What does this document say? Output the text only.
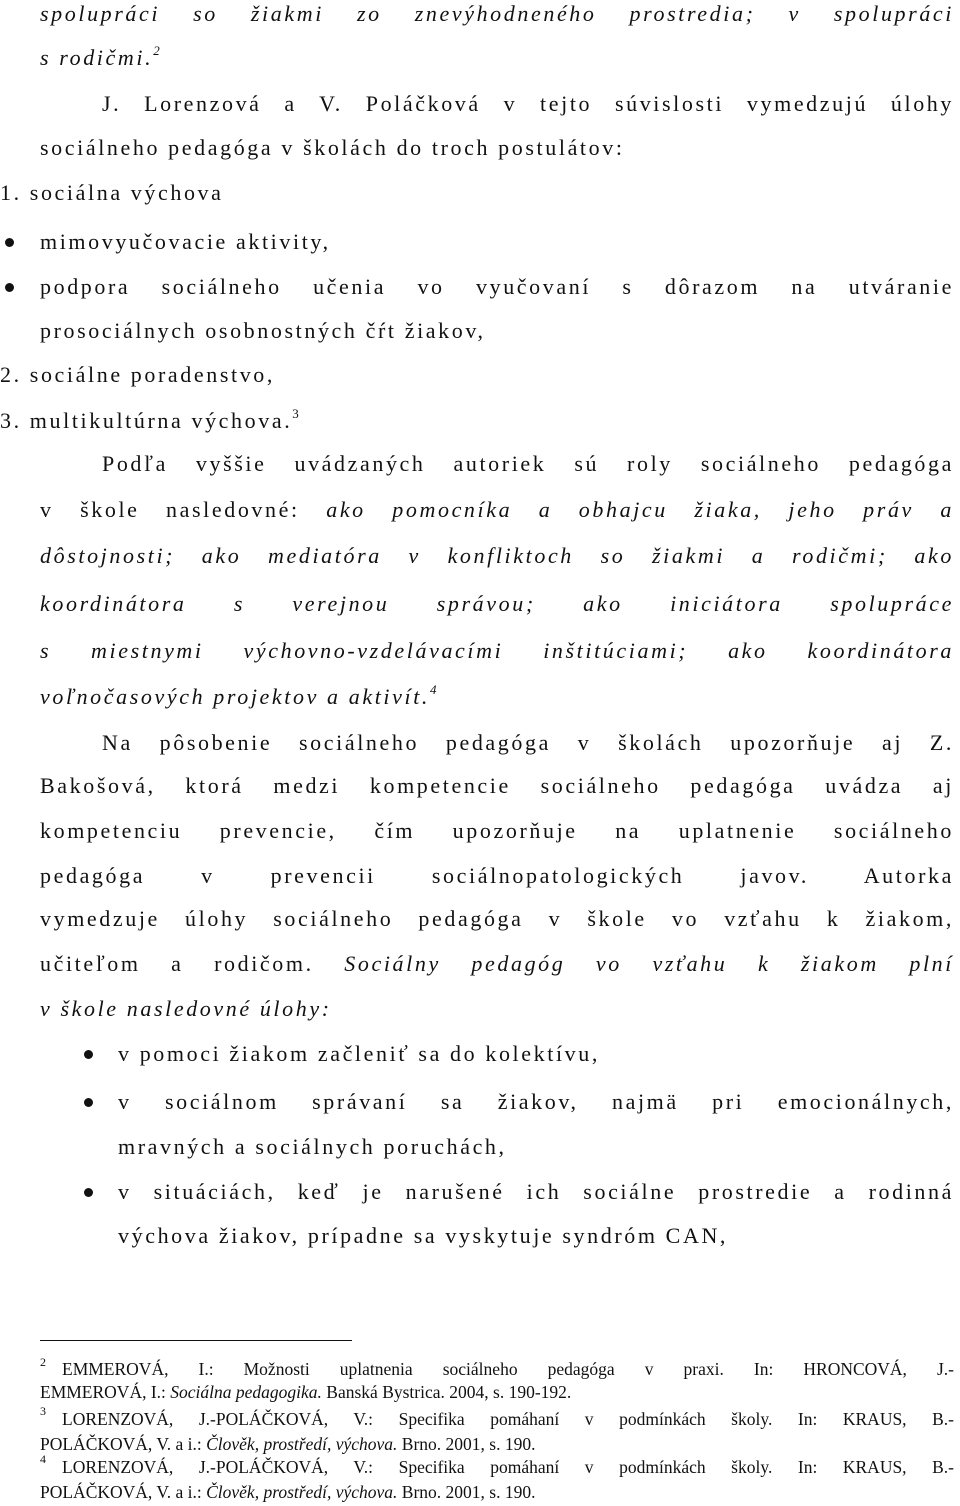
spolupráci so žiakmi zo znevýhodneného prostredia; v spolupráci
s rodičmi.$^2$
J. Lorenzová a V. Poláčková v tejto súvislosti vymedzujú úlohy
sociálneho pedagóga v školách do troch postulátov:
1. sociálna výchova
mimovyučovacie aktivity,
podpora sociálneho učenia vo vyučovaní s dôrazom na utváranie
prosociálnych osobnostných čŕt žiakov,
2. sociálne poradenstvo,
3. multikultúrna výchova.$^3$
Podľa vyššie uvádzaných autoriek sú roly sociálneho pedagóga
v škole nasledovné: ako pomocníka a obhajcu žiaka, jeho práv a
dôstojnosti; ako mediatóra v konfliktoch so žiakmi a rodičmi; ako
koordinátora s verejnou správou; ako iniciátora spolupráce
s miestnymi výchovno-vzdelávacími inštitúciami; ako koordinátora
voľnočasových projektov a aktivít.$^4$
Na pôsobenie sociálneho pedagóga v školách upozorňuje aj Z.
Bakošová, ktorá medzi kompetencie sociálneho pedagóga uvádza aj
kompetenciu prevencie, čím upozorňuje na uplatnenie sociálneho
pedagóga v prevencii sociálnopatologických javov. Autorka
vymedzuje úlohy sociálneho pedagóga v škole vo vzťahu k žiakom,
učiteľom a rodičom. Sociálny pedagóg vo vzťahu k žiakom plní
v škole nasledovné úlohy:
v pomoci žiakom začleniť sa do kolektívu,
v sociálnom správaní sa žiakov, najmä pri emocionálnych,
mravných a sociálnych poruchách,
v situáciách, keď je narušené ich sociálne prostredie a rodinná
výchova žiakov, prípadne sa vyskytuje syndróm CAN,
2 EMMEROVÁ, I.: Možnosti uplatnenia sociálneho pedagóga v praxi. In: HRONCOVÁ, J.-
EMMEROVÁ, I.: Sociálna pedagogika. Banská Bystrica. 2004, s. 190-192.
3 LORENZOVÁ, J.-POLÁČKOVÁ, V.: Specifika pomáhaní v podmínkách školy. In: KRAUS, B.-
POLÁČKOVÁ, V. a i.: Člověk, prostředí, výchova. Brno. 2001, s. 190.
4 LORENZOVÁ, J.-POLÁČKOVÁ, V.: Specifika pomáhaní v podmínkách školy. In: KRAUS, B.-
POLÁČKOVÁ, V. a i.: Člověk, prostředí, výchova. Brno. 2001, s. 190.
